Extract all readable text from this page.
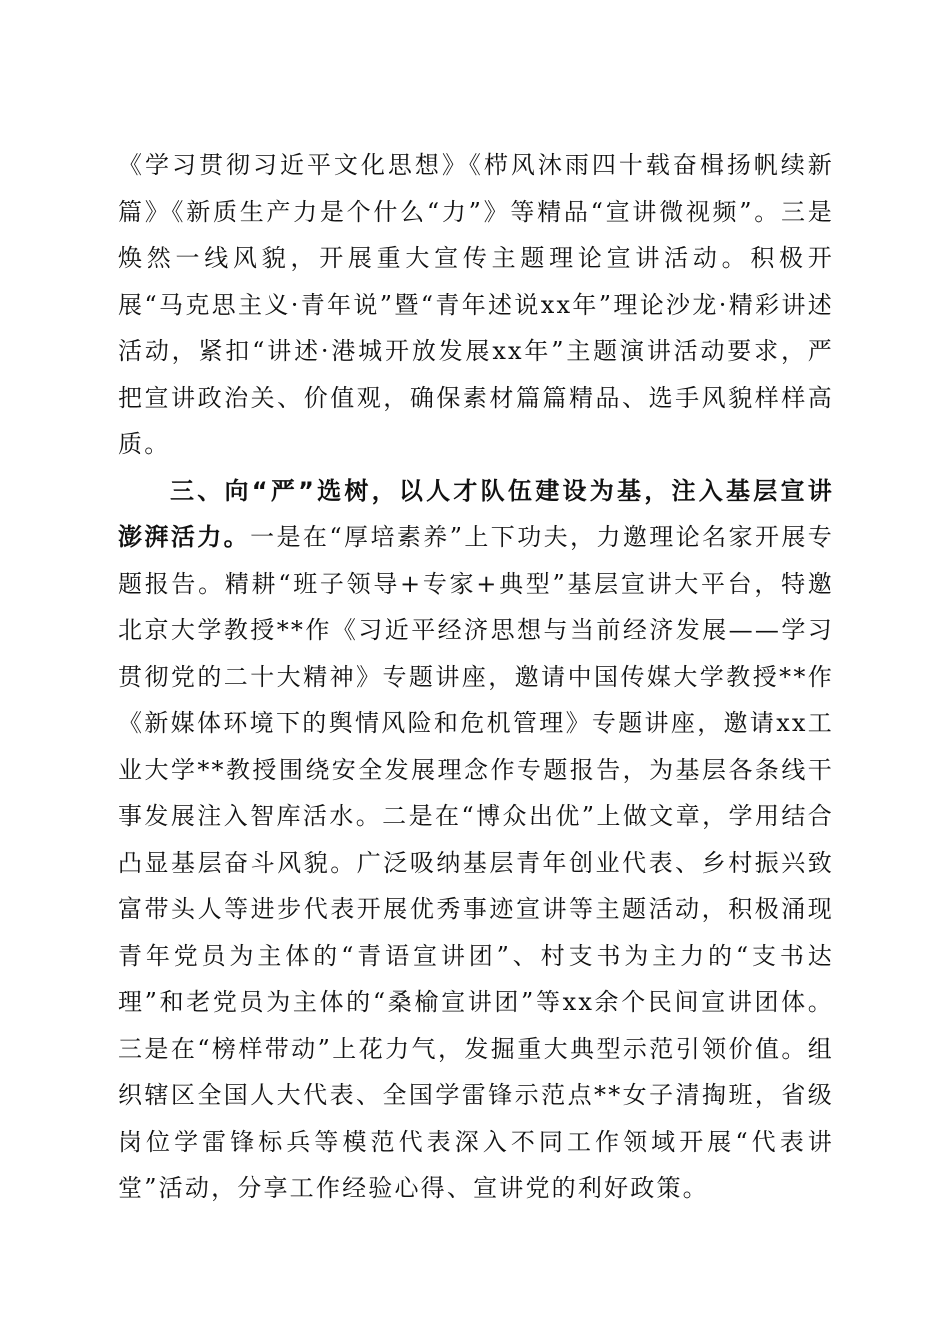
《学习贯彻习近平文化思想》《栉风沐雨四十载奋楫扬帆续新篇》《新质生产力是个什么“力”》等精品“宣讲微视频”。三是焕然一线风貌，开展重大宣传主题理论宣讲活动。积极开展“马克思主义·青年说”暨“青年述说xx年”理论沙龙·精彩讲述活动，紧扣“讲述·港城开放发展xx年”主题演讲活动要求，严把宣讲政治关、价值观，确保素材篇篇精品、选手风貌样样高质。

三、向“严”选树，以人才队伍建设为基，注入基层宣讲澎湃活力。一是在“厚培素养”上下功夫，力邀理论名家开展专题报告。精耕“班子领导+专家+典型”基层宣讲大平台，特邀北京大学教授**作《习近平经济思想与当前经济发展——学习贯彻党的二十大精神》专题讲座，邀请中国传媒大学教授**作《新媒体环境下的舆情风险和危机管理》专题讲座，邀请xx工业大学**教授围绕安全发展理念作专题报告，为基层各条线干事发展注入智库活水。二是在“博众出优”上做文章，学用结合凸显基层奋斗风貌。广泛吸纳基层青年创业代表、乡村振兴致富带头人等进步代表开展优秀事迹宣讲等主题活动，积极涌现青年党员为主体的“青语宣讲团”、村支书为主力的“支书达理”和老党员为主体的“桑榆宣讲团”等xx余个民间宣讲团体。三是在“榜样带动”上花力气，发掘重大典型示范引领价值。组织辖区全国人大代表、全国学雷锋示范点**女子清掏班，省级岗位学雷锋标兵等模范代表深入不同工作领域开展“代表讲堂”活动，分享工作经验心得、宣讲党的利好政策。
